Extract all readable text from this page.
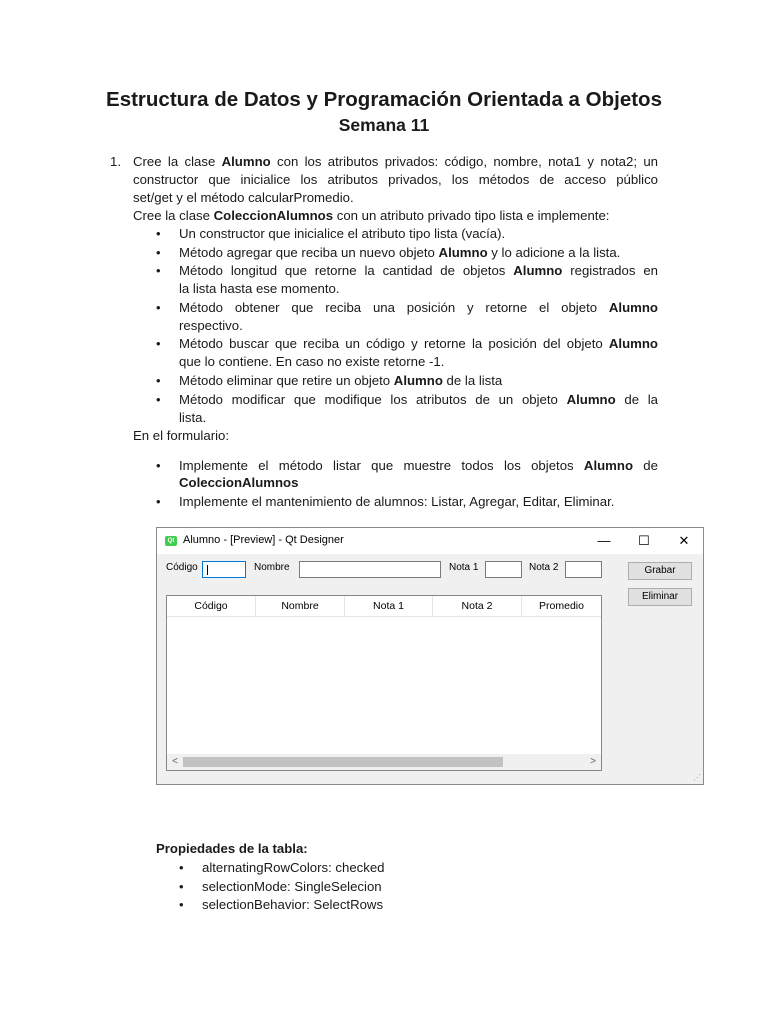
Estructura de Datos y Programación Orientada a Objetos
Semana 11
1. Cree la clase Alumno con los atributos privados: código, nombre, nota1 y nota2; un
constructor que inicialice los atributos privados, los métodos de acceso público
set/get y el método calcularPromedio.
Cree la clase ColeccionAlumnos con un atributo privado tipo lista e implemente:
• Un constructor que inicialice el atributo tipo lista (vacía).
• Método agregar que reciba un nuevo objeto Alumno y lo adicione a la lista.
• Método longitud que retorne la cantidad de objetos Alumno registrados en
la lista hasta ese momento.
• Método obtener que reciba una posición y retorne el objeto Alumno
respectivo.
• Método buscar que reciba un código y retorne la posición del objeto Alumno
que lo contiene. En caso no existe retorne -1.
• Método eliminar que retire un objeto Alumno de la lista
• Método modificar que modifique los atributos de un objeto Alumno de la
lista.
En el formulario:
• Implemente el método listar que muestre todos los objetos Alumno de
ColeccionAlumnos
• Implemente el mantenimiento de alumnos: Listar, Agregar, Editar, Eliminar.
Qt Alumno - [Preview] - Qt Designer	—	☐	✕
Código	Nombre	Nota 1	Nota 2	Grabar
Eliminar
Código	Nombre	Nota 1	Nota 2	Promedio
<	>
⋰
Propiedades de la tabla:
• alternatingRowColors: checked
• selectionMode: SingleSelecion
• selectionBehavior: SelectRows
